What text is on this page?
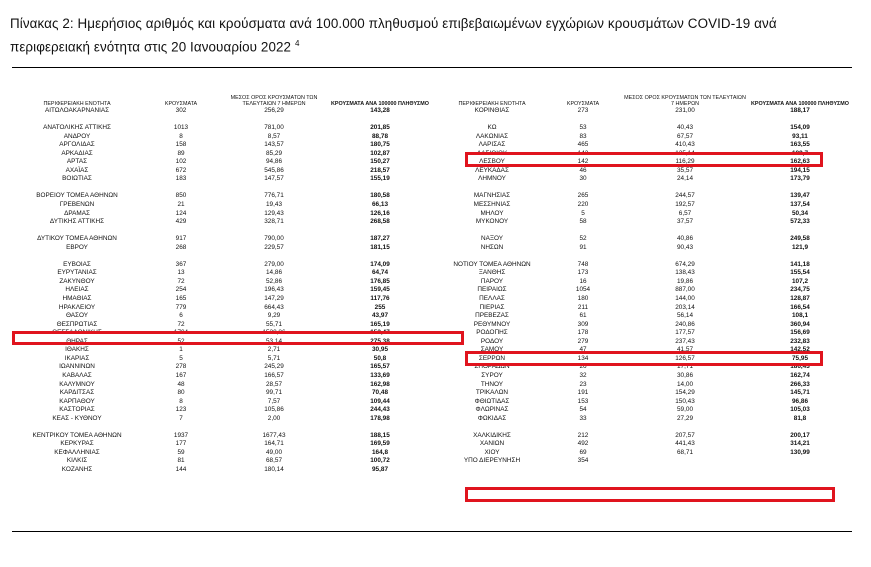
Πίνακας 2: Ημερήσιος αριθμός και κρούσματα ανά 100.000 πληθυσμού επιβεβαιωμένων εγχώριων κρουσμάτων COVID-19 ανά περιφερειακή ενότητα στις 20 Ιανουαρίου 2022 $^4$
ΠΕΡΙΦΕΡΕΙΑΚΗ ΕΝΟΤΗΤΑ	ΚΡΟΥΣΜΑΤΑ
ΜΕΣΟΣ ΟΡΟΣ ΚΡΟΥΣΜΑΤΩΝ ΤΩΝ ΤΕΛΕΥΤΑΙΩΝ 7 ΗΜΕΡΩΝ	ΚΡΟΥΣΜΑΤΑ ΑΝΑ 100000 ΠΛΗΘΥΣΜΟ
ΑΙΤΩΛΟΑΚΑΡΝΑΝΙΑΣ	302	256,29	143,28
ΑΝΑΤΟΛΙΚΗΣ ΑΤΤΙΚΗΣ	1013	781,00	201,85
ΑΝΔΡΟΥ	8	8,57	88,78
ΑΡΓΟΛΙΔΑΣ	158	143,57	180,75
ΑΡΚΑΔΙΑΣ	89	85,29	102,87
ΑΡΤΑΣ	102	94,86	150,27
ΑΧΑΪΑΣ	672	545,86	218,57
ΒΟΙΩΤΙΑΣ	183	147,57	155,19
ΒΟΡΕΙΟΥ ΤΟΜΕΑ ΑΘΗΝΩΝ	850	776,71	180,58
ΓΡΕΒΕΝΩΝ	21	19,43	66,13
ΔΡΑΜΑΣ	124	129,43	126,16
ΔΥΤΙΚΗΣ ΑΤΤΙΚΗΣ	429	328,71	268,58
ΔΥΤΙΚΟΥ ΤΟΜΕΑ ΑΘΗΝΩΝ	917	790,00	187,27
ΕΒΡΟΥ	268	229,57	181,15
ΕΥΒΟΙΑΣ	367	279,00	174,09
ΕΥΡΥΤΑΝΙΑΣ	13	14,86	64,74
ΖΑΚΥΝΘΟΥ	72	52,86	176,85
ΗΛΕΙΑΣ	254	196,43	159,45
ΗΜΑΘΙΑΣ	165	147,29	117,76
ΗΡΑΚΛΕΙΟΥ	779	664,43	255
ΘΑΣΟΥ	6	9,29	43,97
ΘΕΣΠΡΩΤΙΑΣ	72	55,71	165,19
ΘΕΣΣΑΛΟΝΙΚΗΣ	1704	1520,86	153,47
ΘΗΡΑΣ	52	53,14	275,38
ΙΘΑΚΗΣ	1	2,71	30,95
ΙΚΑΡΙΑΣ	5	5,71	50,8
ΙΩΑΝΝΙΝΩΝ	278	245,29	165,57
ΚΑΒΑΛΑΣ	167	166,57	133,69
ΚΑΛΥΜΝΟΥ	48	28,57	162,98
ΚΑΡΔΙΤΣΑΣ	80	99,71	70,48
ΚΑΡΠΑΘΟΥ	8	7,57	109,44
ΚΑΣΤΟΡΙΑΣ	123	105,86	244,43
ΚΕΑΣ - ΚΥΘΝΟΥ	7	2,00	178,98
ΚΕΝΤΡΙΚΟΥ ΤΟΜΕΑ ΑΘΗΝΩΝ	1937	1677,43	188,15
ΚΕΡΚΥΡΑΣ	177	164,71	169,59
ΚΕΦΑΛΛΗΝΙΑΣ	59	49,00	164,8
ΚΙΛΚΙΣ	81	68,57	100,72
ΚΟΖΑΝΗΣ	144	180,14	95,87
ΠΕΡΙΦΕΡΕΙΑΚΗ ΕΝΟΤΗΤΑ	ΚΡΟΥΣΜΑΤΑ
ΜΕΣΟΣ ΟΡΟΣ ΚΡΟΥΣΜΑΤΩΝ ΤΩΝ ΤΕΛΕΥΤΑΙΩΝ 7 ΗΜΕΡΩΝ	ΚΡΟΥΣΜΑΤΑ ΑΝΑ 100000 ΠΛΗΘΥΣΜΟ
ΚΟΡΙΝΘΙΑΣ	273	231,00	188,17
ΚΩ	53	40,43	154,09
ΛΑΚΩΝΙΑΣ	83	67,57	93,11
ΛΑΡΙΣΑΣ	465	410,43	163,55
ΛΑΣΙΘΙΟΥ	143	125,14	189,7
ΛΕΣΒΟΥ	142	116,29	162,63
ΛΕΥΚΑΔΑΣ	46	35,57	194,15
ΛΗΜΝΟΥ	30	24,14	173,79
ΜΑΓΝΗΣΙΑΣ	265	244,57	139,47
ΜΕΣΣΗΝΙΑΣ	220	192,57	137,54
ΜΗΛΟΥ	5	6,57	50,34
ΜΥΚΟΝΟΥ	58	37,57	572,33
ΝΑΞΟΥ	52	40,86	249,58
ΝΗΣΩΝ	91	90,43	121,9
ΝΟΤΙΟΥ ΤΟΜΕΑ ΑΘΗΝΩΝ	748	674,29	141,18
ΞΑΝΘΗΣ	173	138,43	155,54
ΠΑΡΟΥ	16	19,86	107,2
ΠΕΙΡΑΙΩΣ	1054	887,00	234,75
ΠΕΛΛΑΣ	180	144,00	128,87
ΠΙΕΡΙΑΣ	211	203,14	166,54
ΠΡΕΒΕΖΑΣ	61	56,14	108,1
ΡΕΘΥΜΝΟΥ	309	240,86	360,94
ΡΟΔΟΠΗΣ	178	177,57	156,69
ΡΟΔΟΥ	279	237,43	232,83
ΣΑΜΟΥ	47	41,57	142,52
ΣΕΡΡΩΝ	134	126,57	75,95
ΣΠΟΡΑΔΩΝ	26	17,71	186,43
ΣΥΡΟΥ	32	30,86	162,74
ΤΗΝΟΥ	23	14,00	266,33
ΤΡΙΚΑΛΩΝ	191	154,29	145,71
ΦΘΙΩΤΙΔΑΣ	153	150,43	96,86
ΦΛΩΡΙΝΑΣ	54	59,00	105,03
ΦΩΚΙΔΑΣ	33	27,29	81,8
ΧΑΛΚΙΔΙΚΗΣ	212	207,57	200,17
ΧΑΝΙΩΝ	492	441,43	314,21
ΧΙΟΥ	69	68,71	130,99
ΥΠΟ ΔΙΕΡΕΥΝΗΣΗ	354
